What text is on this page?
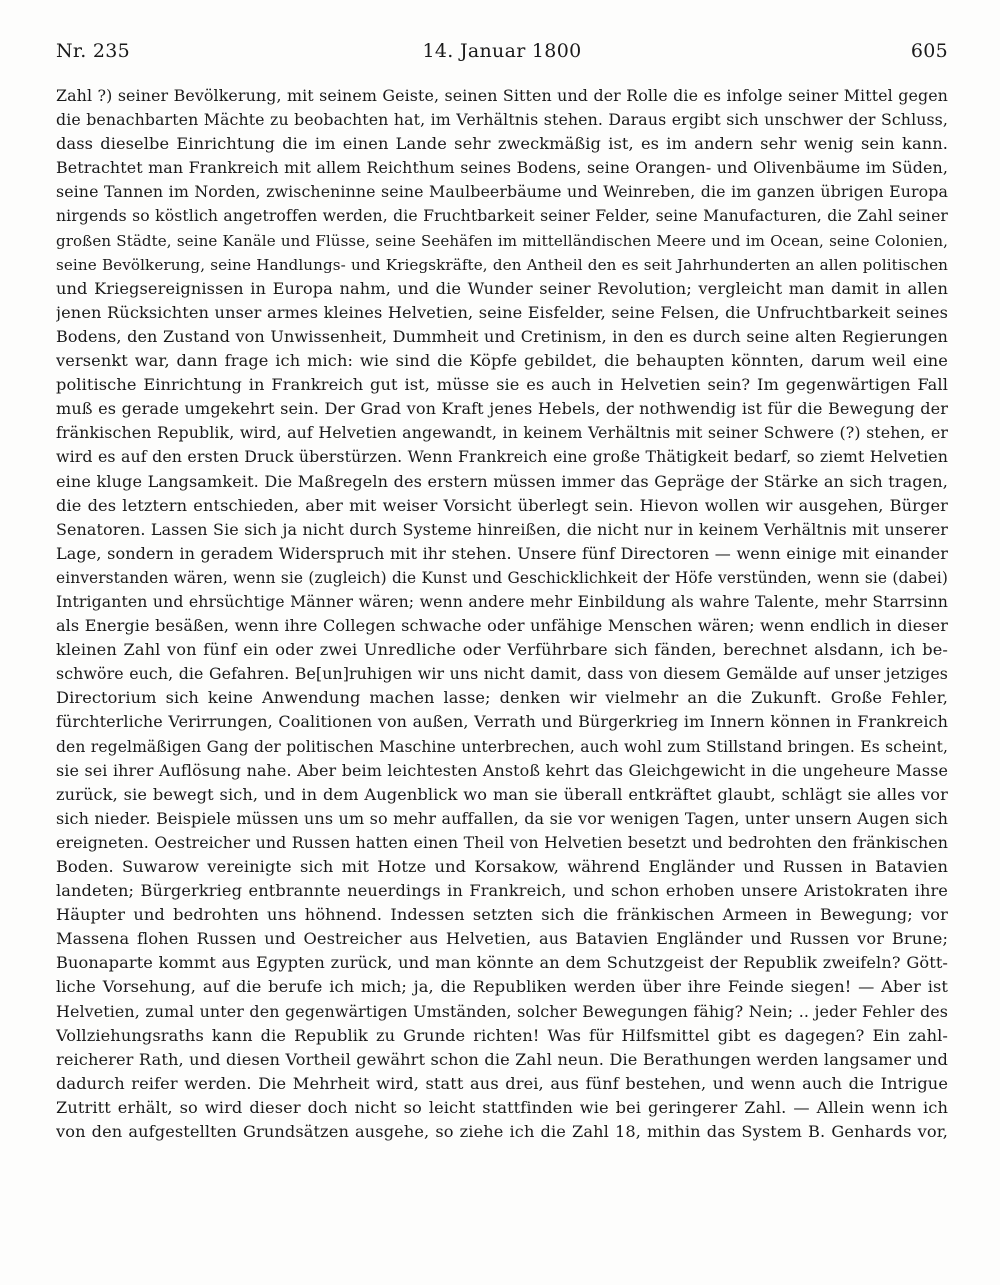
Nr. 235	14. Januar 1800	605
Zahl ?) seiner Bevölkerung, mit seinem Geiste, seinen Sitten und der Rolle die es infolge seiner Mittel gegen
die benachbarten Mächte zu beobachten hat, im Verhältnis stehen. Daraus ergibt sich unschwer der Schluss,
dass dieselbe Einrichtung die im einen Lande sehr zweckmäßig ist, es im andern sehr wenig sein kann.
Betrachtet man Frankreich mit allem Reichthum seines Bodens, seine Orangen- und Olivenbäume im Süden,
seine Tannen im Norden, zwischeninne seine Maulbeerbäume und Weinreben, die im ganzen übrigen Europa
nirgends so köstlich angetroffen werden, die Fruchtbarkeit seiner Felder, seine Manufacturen, die Zahl seiner
großen Städte, seine Kanäle und Flüsse, seine Seehäfen im mittelländischen Meere und im Ocean, seine Colonien,
seine Bevölkerung, seine Handlungs- und Kriegskräfte, den Antheil den es seit Jahrhunderten an allen politischen
und Kriegsereignissen in Europa nahm, und die Wunder seiner Revolution; vergleicht man damit in allen
jenen Rücksichten unser armes kleines Helvetien, seine Eisfelder, seine Felsen, die Unfruchtbarkeit seines
Bodens, den Zustand von Unwissenheit, Dummheit und Cretinism, in den es durch seine alten Regierungen
versenkt war, dann frage ich mich: wie sind die Köpfe gebildet, die behaupten könnten, darum weil eine
politische Einrichtung in Frankreich gut ist, müsse sie es auch in Helvetien sein? Im gegenwärtigen Fall
muß es gerade umgekehrt sein. Der Grad von Kraft jenes Hebels, der nothwendig ist für die Bewegung der
fränkischen Republik, wird, auf Helvetien angewandt, in keinem Verhältnis mit seiner Schwere (?) stehen, er
wird es auf den ersten Druck überstürzen. Wenn Frankreich eine große Thätigkeit bedarf, so ziemt Helvetien
eine kluge Langsamkeit. Die Maßregeln des erstern müssen immer das Gepräge der Stärke an sich tragen,
die des letztern entschieden, aber mit weiser Vorsicht überlegt sein. Hievon wollen wir ausgehen, Bürger
Senatoren. Lassen Sie sich ja nicht durch Systeme hinreißen, die nicht nur in keinem Verhältnis mit unserer
Lage, sondern in geradem Widerspruch mit ihr stehen. Unsere fünf Directoren — wenn einige mit einander
einverstanden wären, wenn sie (zugleich) die Kunst und Geschicklichkeit der Höfe verstünden, wenn sie (dabei)
Intriganten und ehrsüchtige Männer wären; wenn andere mehr Einbildung als wahre Talente, mehr Starrsinn
als Energie besäßen, wenn ihre Collegen schwache oder unfähige Menschen wären; wenn endlich in dieser
kleinen Zahl von fünf ein oder zwei Unredliche oder Verführbare sich fänden, berechnet alsdann, ich be-
schwöre euch, die Gefahren. Be[un]ruhigen wir uns nicht damit, dass von diesem Gemälde auf unser jetziges
Directorium sich keine Anwendung machen lasse; denken wir vielmehr an die Zukunft. Große Fehler,
fürchterliche Verirrungen, Coalitionen von außen, Verrath und Bürgerkrieg im Innern können in Frankreich
den regelmäßigen Gang der politischen Maschine unterbrechen, auch wohl zum Stillstand bringen. Es scheint,
sie sei ihrer Auflösung nahe. Aber beim leichtesten Anstoß kehrt das Gleichgewicht in die ungeheure Masse
zurück, sie bewegt sich, und in dem Augenblick wo man sie überall entkräftet glaubt, schlägt sie alles vor
sich nieder. Beispiele müssen uns um so mehr auffallen, da sie vor wenigen Tagen, unter unsern Augen sich
ereigneten. Oestreicher und Russen hatten einen Theil von Helvetien besetzt und bedrohten den fränkischen
Boden. Suwarow vereinigte sich mit Hotze und Korsakow, während Engländer und Russen in Batavien
landeten; Bürgerkrieg entbrannte neuerdings in Frankreich, und schon erhoben unsere Aristokraten ihre
Häupter und bedrohten uns höhnend. Indessen setzten sich die fränkischen Armeen in Bewegung; vor
Massena flohen Russen und Oestreicher aus Helvetien, aus Batavien Engländer und Russen vor Brune;
Buonaparte kommt aus Egypten zurück, und man könnte an dem Schutzgeist der Republik zweifeln? Gött-
liche Vorsehung, auf die berufe ich mich; ja, die Republiken werden über ihre Feinde siegen! — Aber ist
Helvetien, zumal unter den gegenwärtigen Umständen, solcher Bewegungen fähig? Nein; .. jeder Fehler des
Vollziehungsraths kann die Republik zu Grunde richten! Was für Hilfsmittel gibt es dagegen? Ein zahl-
reicherer Rath, und diesen Vortheil gewährt schon die Zahl neun. Die Berathungen werden langsamer und
dadurch reifer werden. Die Mehrheit wird, statt aus drei, aus fünf bestehen, und wenn auch die Intrigue
Zutritt erhält, so wird dieser doch nicht so leicht stattfinden wie bei geringerer Zahl. — Allein wenn ich
von den aufgestellten Grundsätzen ausgehe, so ziehe ich die Zahl 18, mithin das System B. Genhards vor,
